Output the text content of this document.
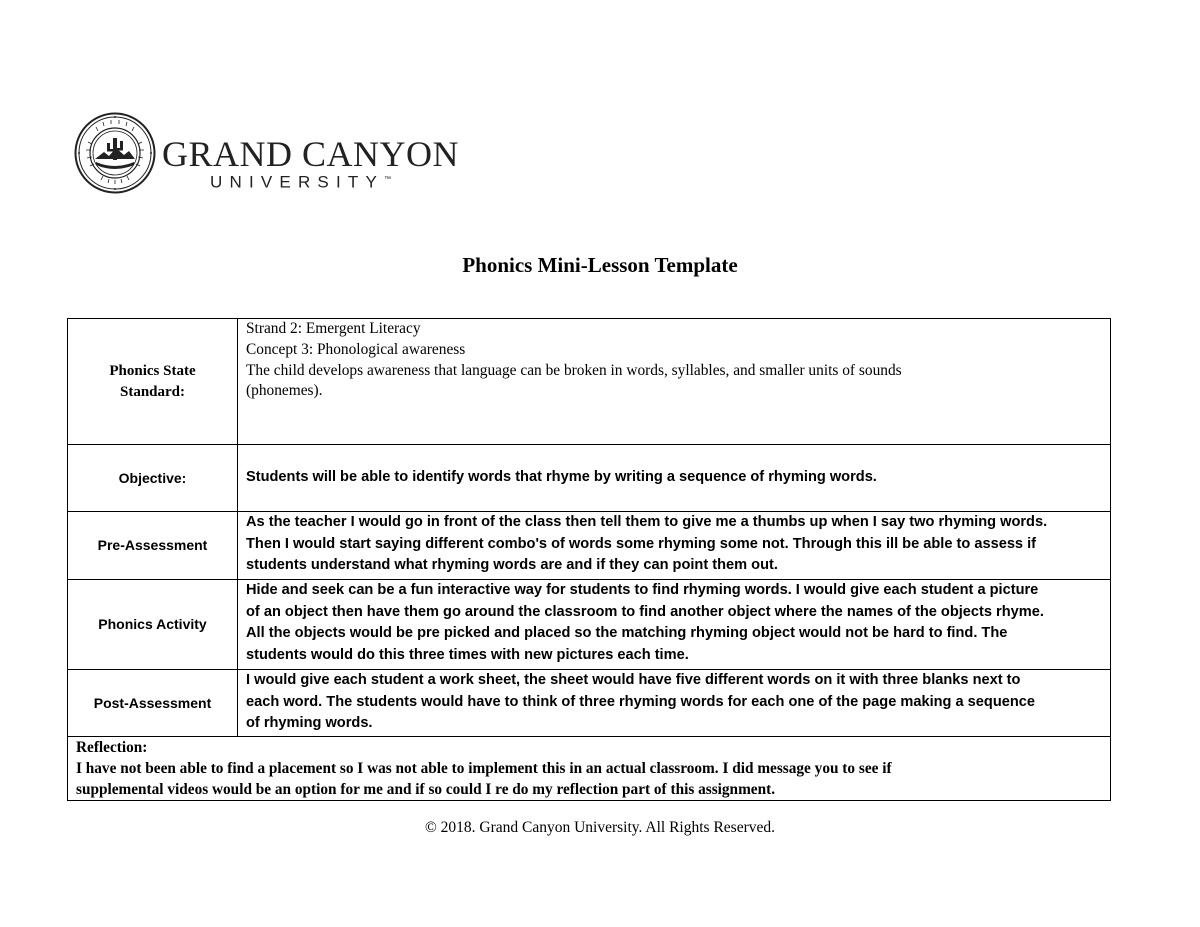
GRAND CANYON
UNIVERSITY™
Phonics Mini-Lesson Template
Phonics State
Standard:	Strand 2: Emergent Literacy
Concept 3: Phonological awareness
The child develops awareness that language can be broken in words, syllables, and smaller units of sounds
(phonemes).

Objective:	Students will be able to identify words that rhyme by writing a sequence of rhyming words.
Pre-Assessment	As the teacher I would go in front of the class then tell them to give me a thumbs up when I say two rhyming words.
Then I would start saying different combo's of words some rhyming some not. Through this ill be able to assess if
students understand what rhyming words are and if they can point them out.

Phonics Activity	Hide and seek can be a fun interactive way for students to find rhyming words. I would give each student a picture
of an object then have them go around the classroom to find another object where the names of the objects rhyme.
All the objects would be pre picked and placed so the matching rhyming object would not be hard to find. The
students would do this three times with new pictures each time.

Post-Assessment	I would give each student a work sheet, the sheet would have five different words on it with three blanks next to
each word. The students would have to think of three rhyming words for each one of the page making a sequence
of rhyming words.

Reflection:
I have not been able to find a placement so I was not able to implement this in an actual classroom. I did message you to see if
supplemental videos would be an option for me and if so could I re do my reflection part of this assignment.	
© 2018. Grand Canyon University. All Rights Reserved.
